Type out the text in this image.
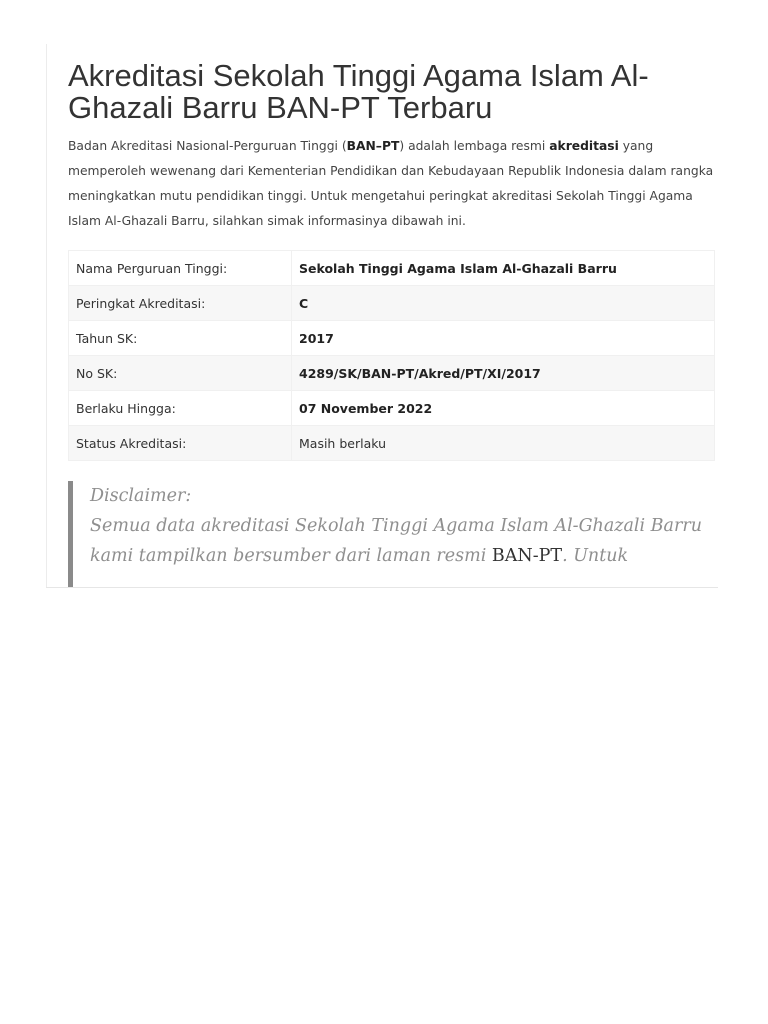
Akreditasi Sekolah Tinggi Agama Islam Al-Ghazali Barru BAN-PT Terbaru

Badan Akreditasi Nasional-Perguruan Tinggi (BAN–PT) adalah lembaga resmi akreditasi yang memperoleh wewenang dari Kementerian Pendidikan dan Kebudayaan Republik Indonesia dalam rangka meningkatkan mutu pendidikan tinggi. Untuk mengetahui peringkat akreditasi Sekolah Tinggi Agama Islam Al-Ghazali Barru, silahkan simak informasinya dibawah ini.

Nama Perguruan Tinggi:	Sekolah Tinggi Agama Islam Al-Ghazali Barru
Peringkat Akreditasi:	C
Tahun SK:	2017
No SK:	4289/SK/BAN-PT/Akred/PT/XI/2017
Berlaku Hingga:	07 November 2022
Status Akreditasi:	Masih berlaku

Disclaimer:

Semua data akreditasi Sekolah Tinggi Agama Islam Al-Ghazali Barru kami tampilkan bersumber dari laman resmi BAN-PT. Untuk
